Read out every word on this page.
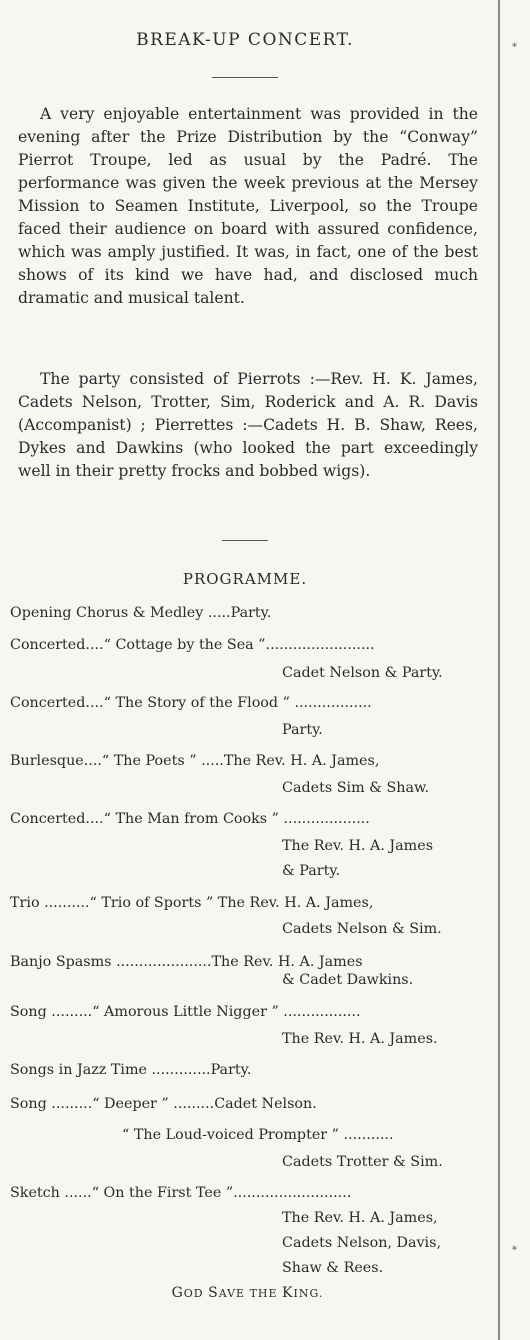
BREAK-UP CONCERT.
A very enjoyable entertainment was provided in the evening after the Prize Distribution by the “Conway” Pierrot Troupe, led as usual by the Padré. The performance was given the week previous at the Mersey Mission to Seamen Institute, Liverpool, so the Troupe faced their audience on board with assured confidence, which was amply justified. It was, in fact, one of the best shows of its kind we have had, and disclosed much dramatic and musical talent.
The party consisted of Pierrots :—Rev. H. K. James, Cadets Nelson, Trotter, Sim, Roderick and A. R. Davis (Accompanist) ; Pierrettes :—Cadets H. B. Shaw, Rees, Dykes and Dawkins (who looked the part exceedingly well in their pretty frocks and bobbed wigs).
PROGRAMME.
Opening Chorus & Medley .....Party.
Concerted....“ Cottage by the Sea ”........................
Cadet Nelson & Party.
Concerted....“ The Story of the Flood ” .................
Party.
Burlesque....“ The Poets ” .....The Rev. H. A. James,
Cadets Sim & Shaw.
Concerted....“ The Man from Cooks ” ...................
The Rev. H. A. James
& Party.
Trio ..........“ Trio of Sports ” The Rev. H. A. James,
Cadets Nelson & Sim.
Banjo Spasms .....................The Rev. H. A. James
& Cadet Dawkins.
Song .........“ Amorous Little Nigger ” .................
The Rev. H. A. James.
Songs in Jazz Time .............Party.
Song .........“ Deeper ” .........Cadet Nelson.
“ The Loud-voiced Prompter ” ...........
Cadets Trotter & Sim.
Sketch ......“ On the First Tee ”..........................
The Rev. H. A. James,
Cadets Nelson, Davis,
Shaw & Rees.
GOD SAVE THE KING.
*
*
